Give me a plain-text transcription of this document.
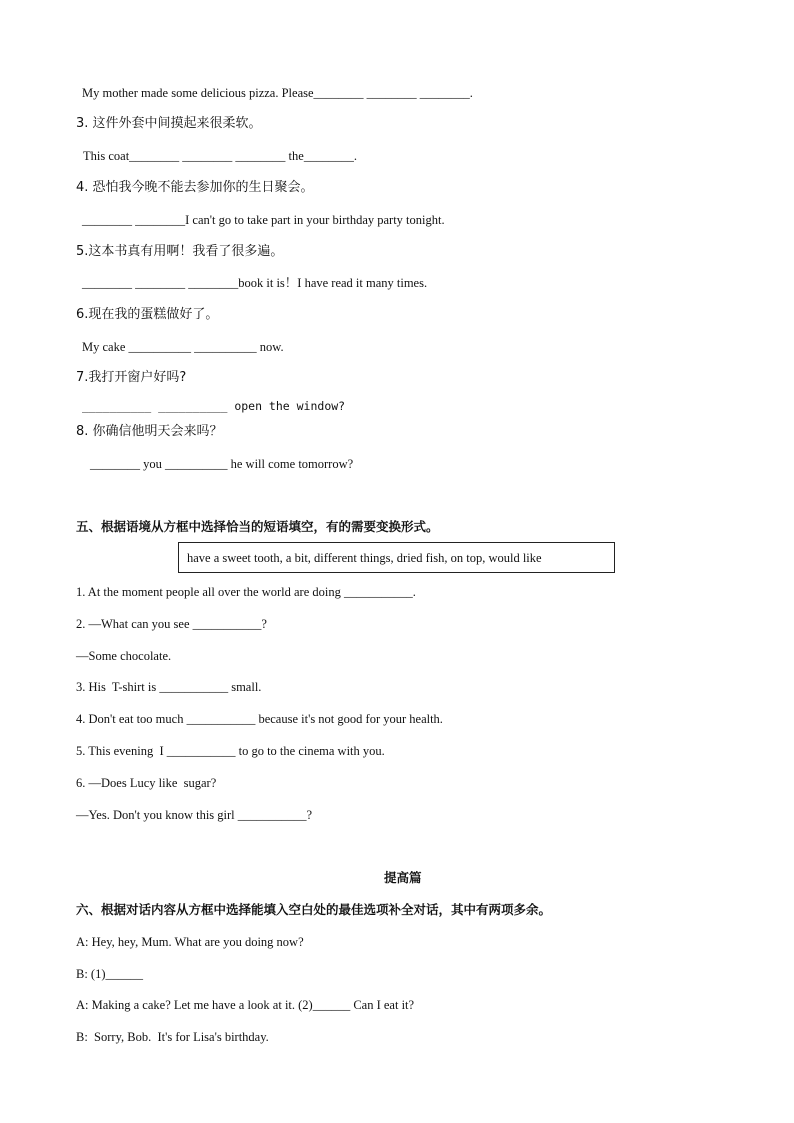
My mother made some delicious pizza. Please________ ________ ________.
3. 这件外套中间摸起来很柔软。
This coat________ ________ ________ the________.
4. 恐怕我今晚不能去参加你的生日聚会。
________ ________I can't go to take part in your birthday party tonight.
5.这本书真有用啊！我看了很多遍。
________ ________ ________book it is！I have read it many times.
6.现在我的蛋糕做好了。
My cake __________ __________ now.
7.我打开窗户好吗?
__________ __________ open the window?
8. 你确信他明天会来吗？
________ you __________ he will come tomorrow?
五、根据语境从方框中选择恰当的短语填空，有的需要变换形式。
have a sweet tooth, a bit, different things, dried fish, on top, would like
1. At the moment people all over the world are doing ___________.
2. —What can you see ___________?
—Some chocolate.
3. His  T-shirt is ___________ small.
4. Don't eat too much ___________ because it's not good for your health.
5. This evening  I ___________ to go to the cinema with you.
6. —Does Lucy like  sugar?
—Yes. Don't you know this girl ___________?
提高篇
六、根据对话内容从方框中选择能填入空白处的最佳选项补全对话，其中有两项多余。
A: Hey, hey, Mum. What are you doing now?
B: (1)______
A: Making a cake? Let me have a look at it. (2)______ Can I eat it?
B:  Sorry, Bob.  It's for Lisa's birthday.
